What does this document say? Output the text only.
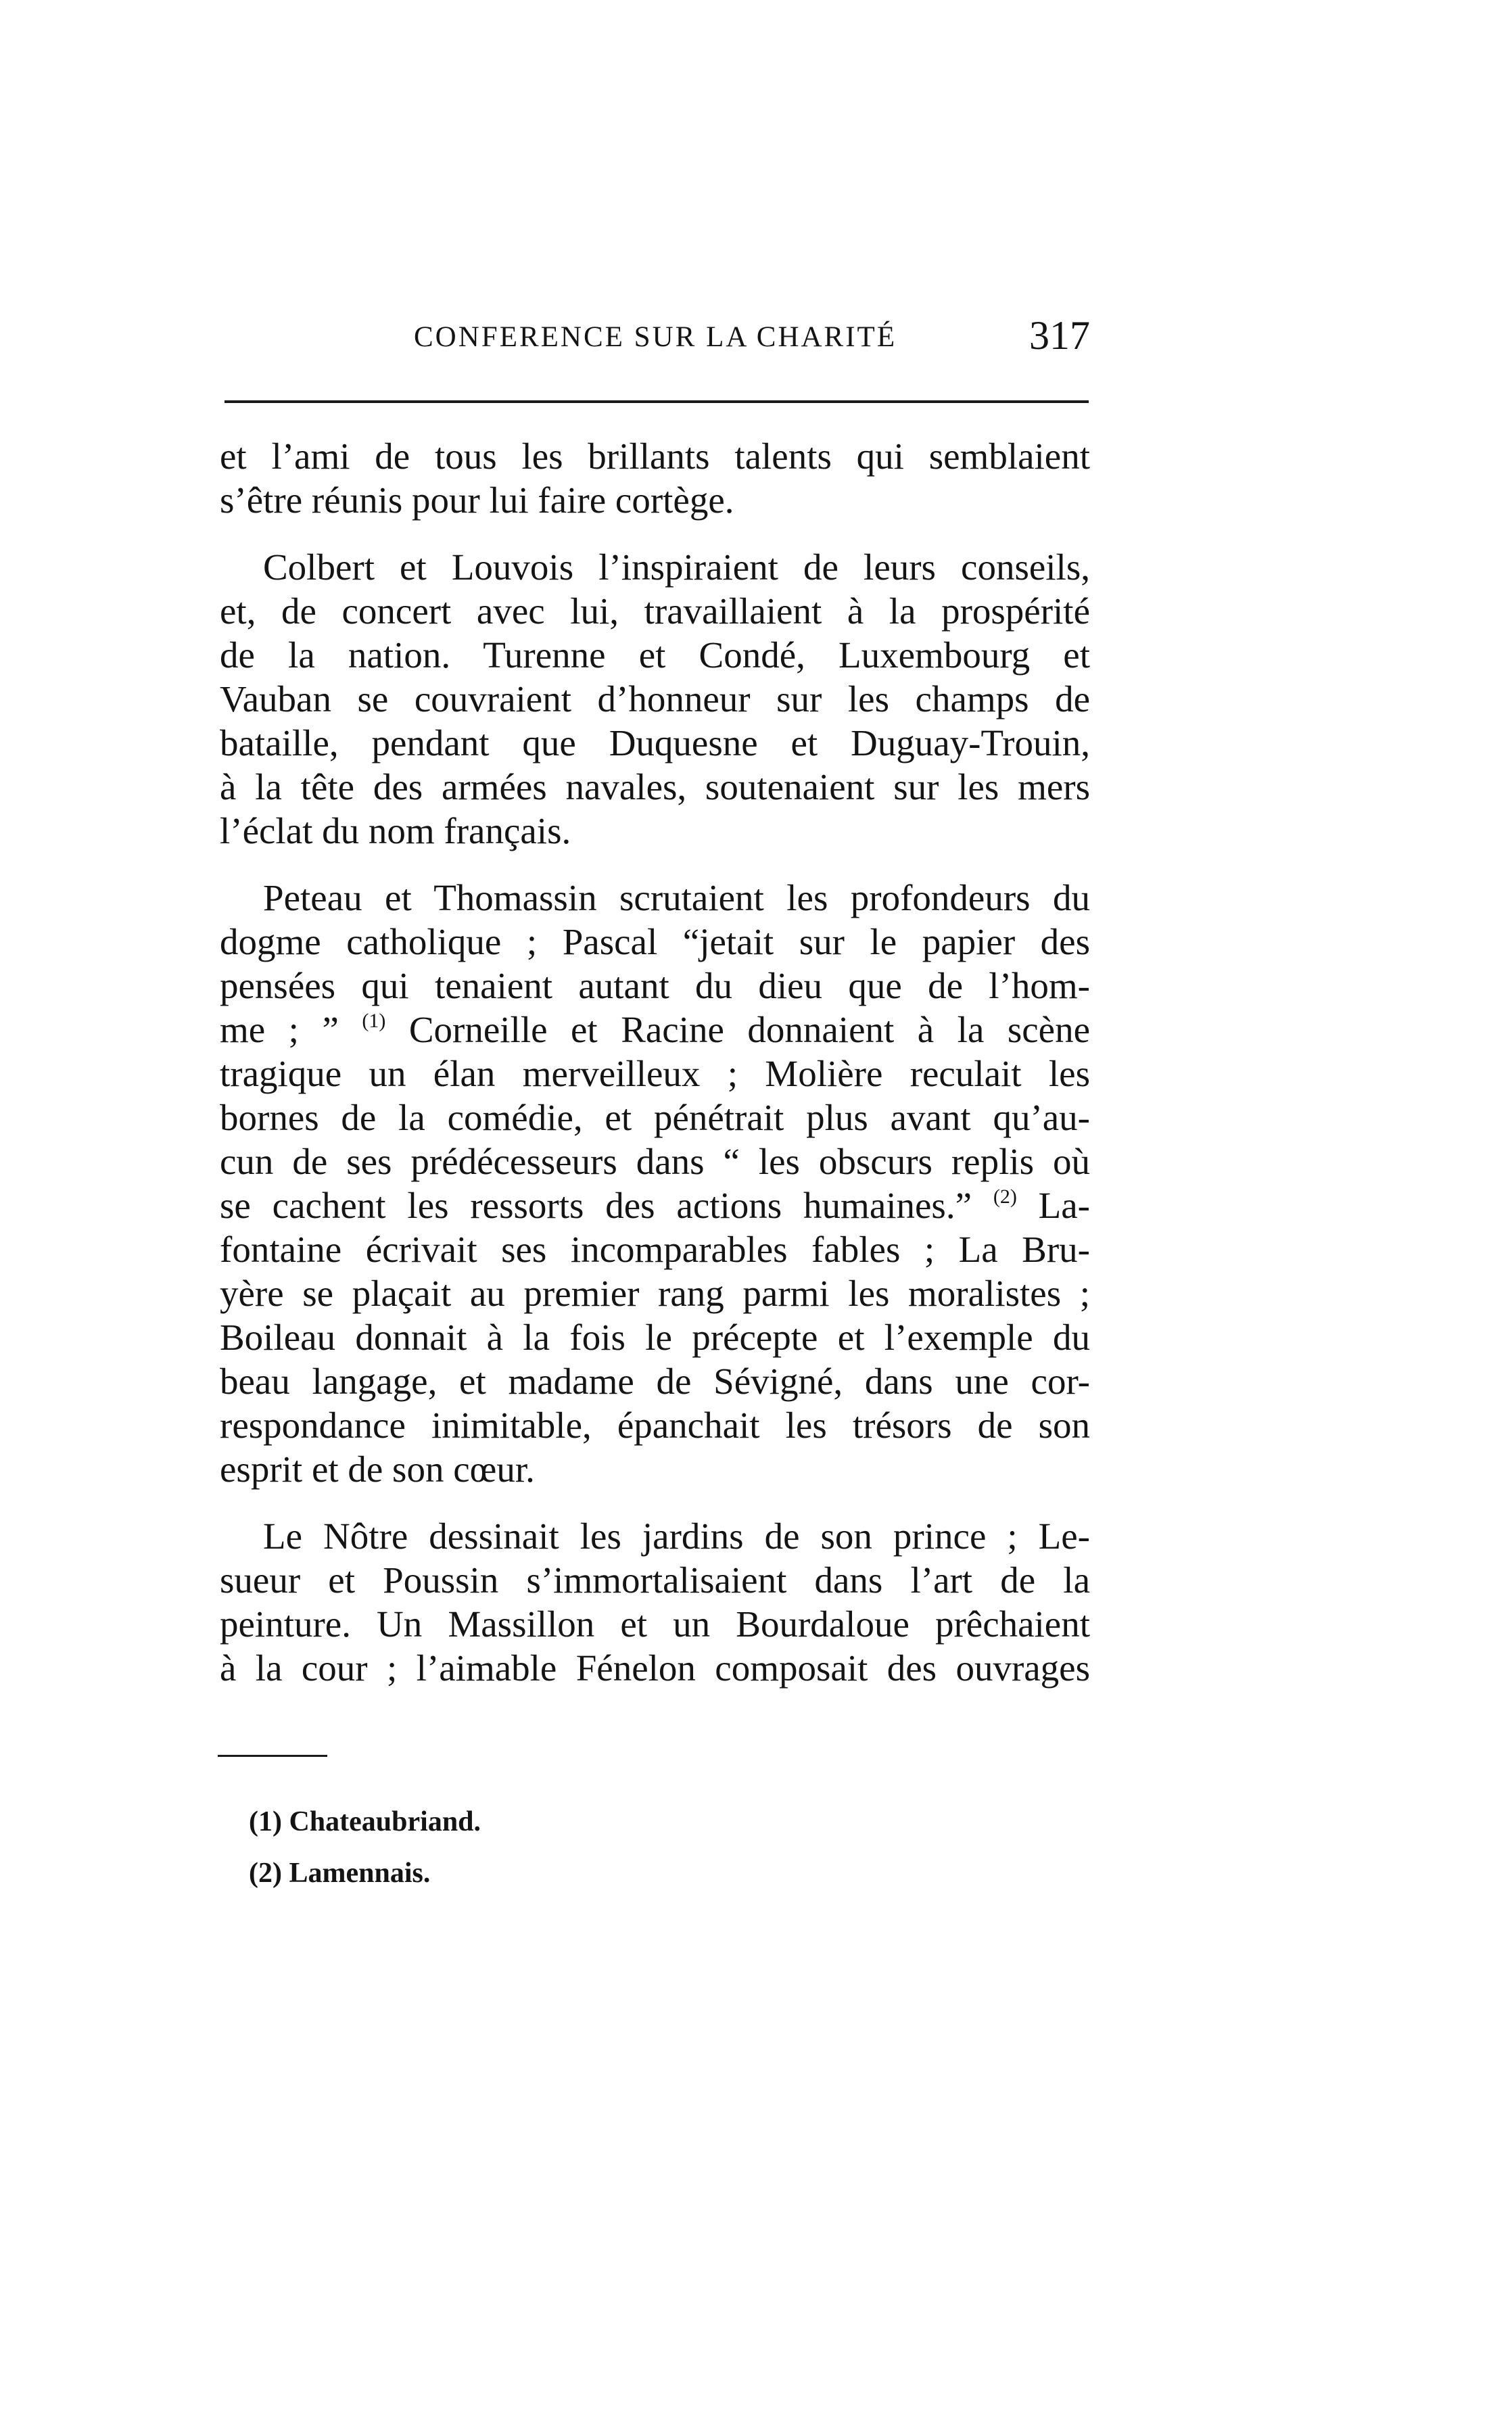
CONFERENCE SUR LA CHARITÉ	317
et l’ami de tous les brillants talents qui semblaient
s’être réunis pour lui faire cortège.
Colbert et Louvois l’inspiraient de leurs conseils,
et, de concert avec lui, travaillaient à la prospérité
de la nation. Turenne et Condé, Luxembourg et
Vauban se couvraient d’honneur sur les champs de
bataille, pendant que Duquesne et Duguay-Trouin,
à la tête des armées navales, soutenaient sur les mers
l’éclat du nom français.
Peteau et Thomassin scrutaient les profondeurs du
dogme catholique ; Pascal “jetait sur le papier des
pensées qui tenaient autant du dieu que de l’hom-
me ; ” $^{(1)}$ Corneille et Racine donnaient à la scène
tragique un élan merveilleux ; Molière reculait les
bornes de la comédie, et pénétrait plus avant qu’au-
cun de ses prédécesseurs dans “ les obscurs replis où
se cachent les ressorts des actions humaines.” $^{(2)}$ La-
fontaine écrivait ses incomparables fables ; La Bru-
yère se plaçait au premier rang parmi les moralistes ;
Boileau donnait à la fois le précepte et l’exemple du
beau langage, et madame de Sévigné, dans une cor-
respondance inimitable, épanchait les trésors de son
esprit et de son cœur.
Le Nôtre dessinait les jardins de son prince ; Le-
sueur et Poussin s’immortalisaient dans l’art de la
peinture. Un Massillon et un Bourdaloue prêchaient
à la cour ; l’aimable Fénelon composait des ouvrages
(1) Chateaubriand.
(2) Lamennais.
